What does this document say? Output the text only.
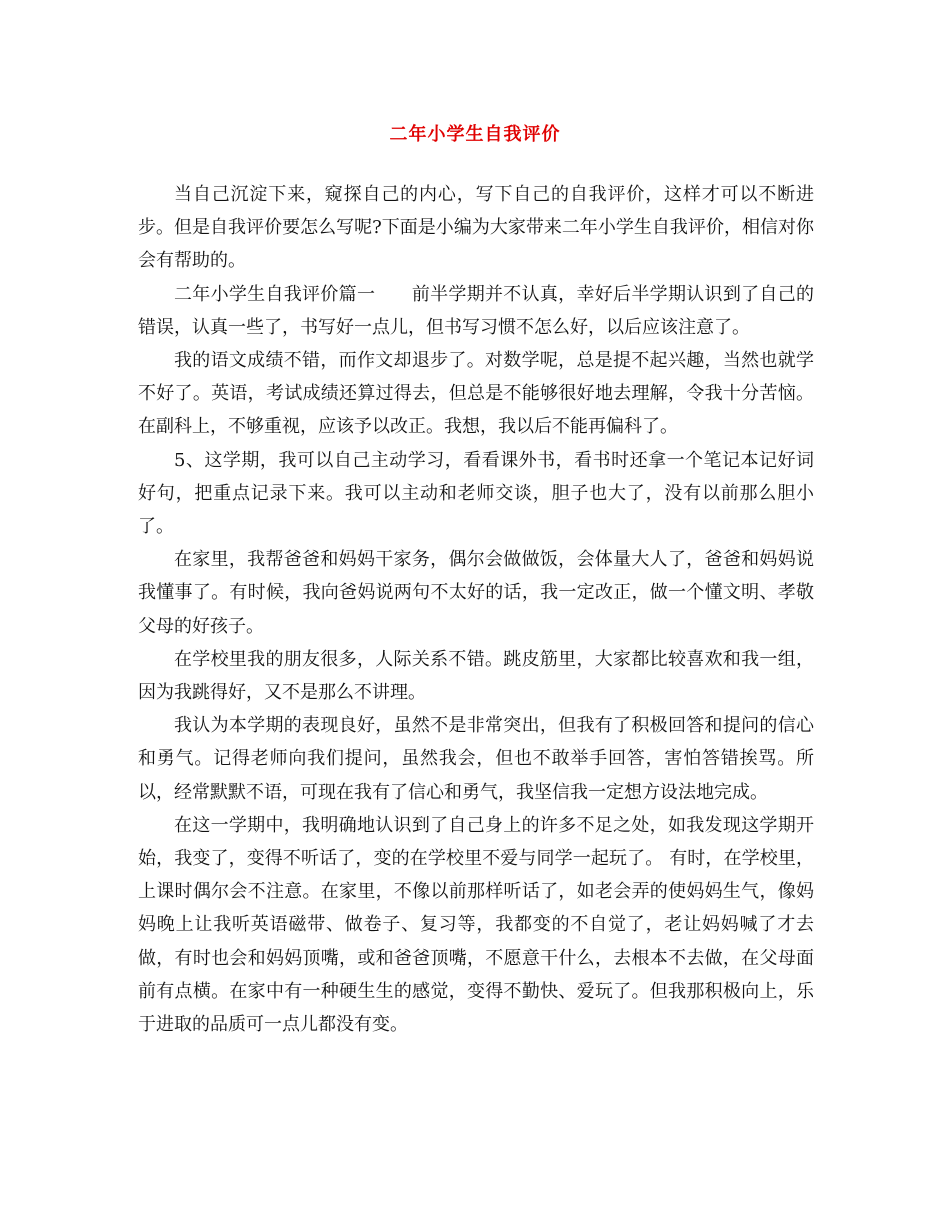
二年小学生自我评价

当自己沉淀下来，窥探自己的内心，写下自己的自我评价，这样才可以不断进步。但是自我评价要怎么写呢?下面是小编为大家带来二年小学生自我评价，相信对你会有帮助的。

二年小学生自我评价篇一　　前半学期并不认真，幸好后半学期认识到了自己的错误，认真一些了，书写好一点儿，但书写习惯不怎么好，以后应该注意了。

我的语文成绩不错，而作文却退步了。对数学呢，总是提不起兴趣，当然也就学不好了。英语，考试成绩还算过得去，但总是不能够很好地去理解，令我十分苦恼。在副科上，不够重视，应该予以改正。我想，我以后不能再偏科了。

5、这学期，我可以自己主动学习，看看课外书，看书时还拿一个笔记本记好词好句，把重点记录下来。我可以主动和老师交谈，胆子也大了，没有以前那么胆小了。

在家里，我帮爸爸和妈妈干家务，偶尔会做做饭，会体量大人了，爸爸和妈妈说我懂事了。有时候，我向爸妈说两句不太好的话，我一定改正，做一个懂文明、孝敬父母的好孩子。

在学校里我的朋友很多，人际关系不错。跳皮筋里，大家都比较喜欢和我一组，因为我跳得好，又不是那么不讲理。

我认为本学期的表现良好，虽然不是非常突出，但我有了积极回答和提问的信心和勇气。记得老师向我们提问，虽然我会，但也不敢举手回答，害怕答错挨骂。所以，经常默默不语，可现在我有了信心和勇气，我坚信我一定想方设法地完成。

在这一学期中，我明确地认识到了自己身上的许多不足之处，如我发现这学期开始，我变了，变得不听话了，变的在学校里不爱与同学一起玩了。 有时，在学校里，上课时偶尔会不注意。在家里，不像以前那样听话了，如老会弄的使妈妈生气，像妈妈晚上让我听英语磁带、做卷子、复习等，我都变的不自觉了，老让妈妈喊了才去做，有时也会和妈妈顶嘴，或和爸爸顶嘴，不愿意干什么，去根本不去做，在父母面前有点横。在家中有一种硬生生的感觉，变得不勤快、爱玩了。但我那积极向上，乐于进取的品质可一点儿都没有变。
